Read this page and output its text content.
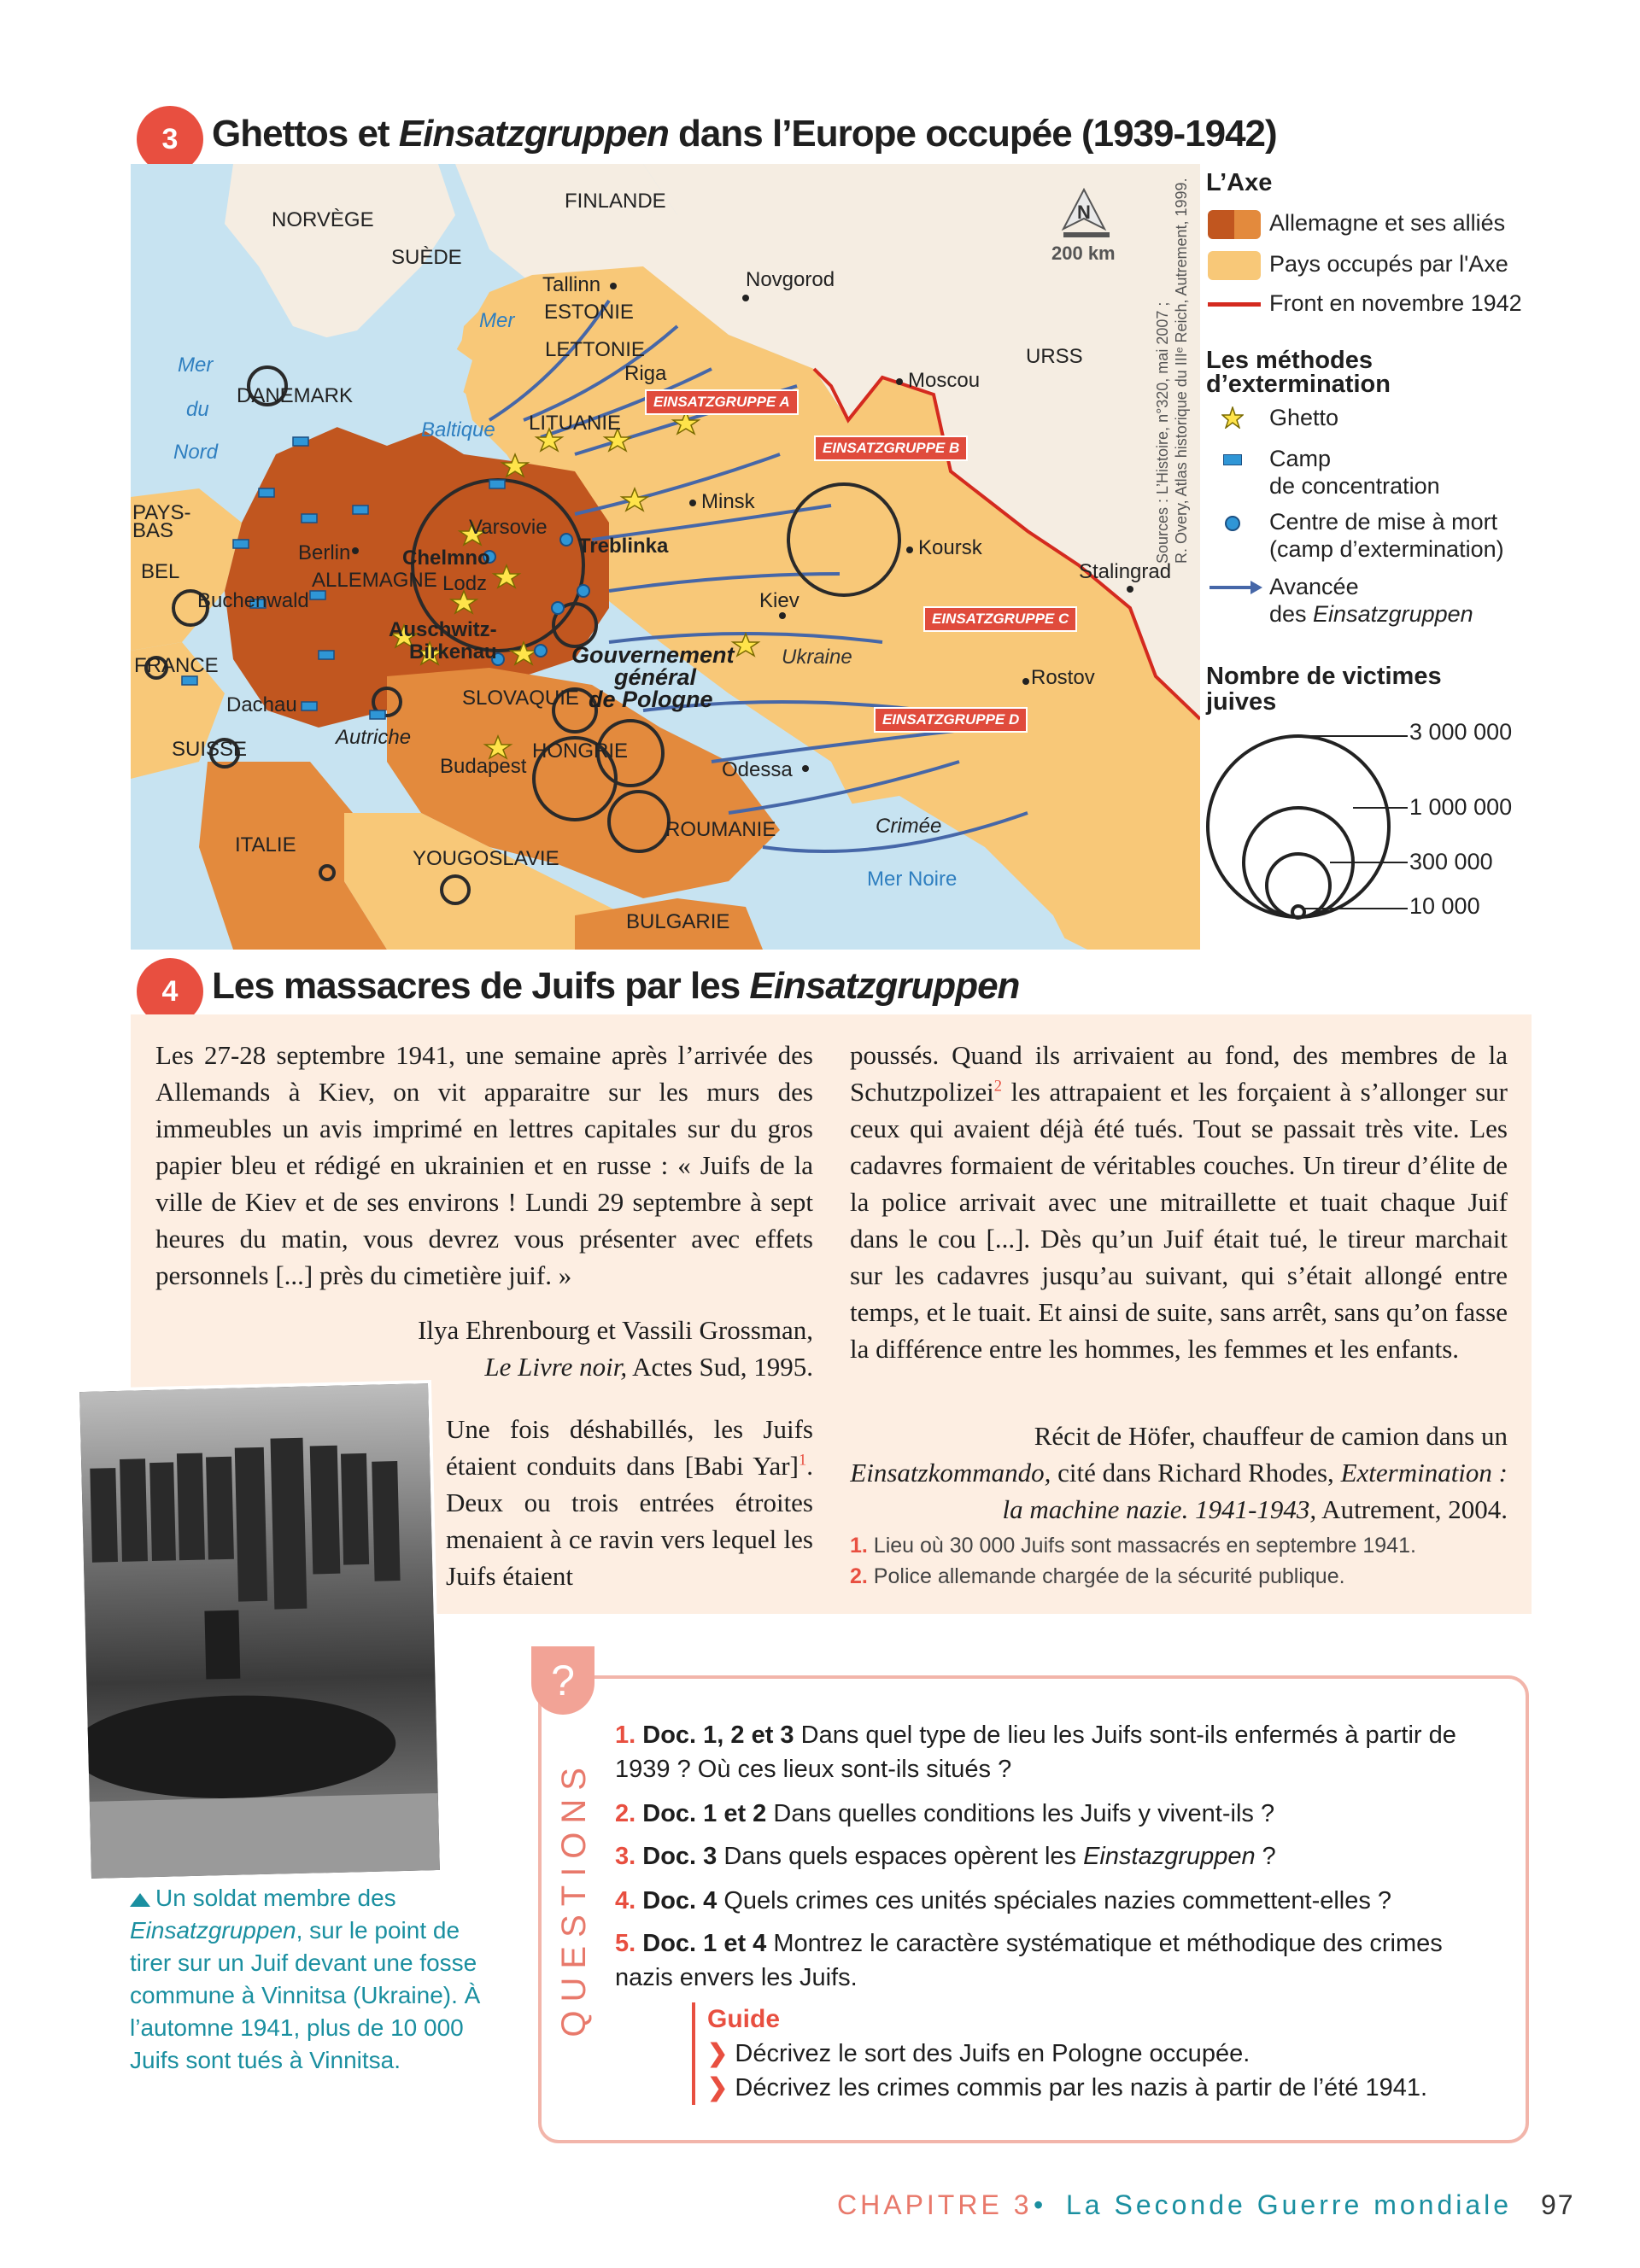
3 Ghettos et Einsatzgruppen dans l’Europe occupée (1939-1942)
FINLANDE
NORVÈGE
SUÈDE
Tallinn
ESTONIE
Novgorod
LETTONIE
Riga
URSS
Moscou
DANEMARK
LITUANIE
Mer
Baltique
Mer
du
Nord
PAYS-
BAS
Minsk
Varsovie
Treblinka
Chelmno
Berlin
ALLEMAGNE Lodz
BEL
Buchenwald
Koursk
Stalingrad
Kiev
Auschwitz-
Birkenau	Gouvernement
général
de Pologne
Ukraine
FRANCE
SLOVAQUIE
Rostov
Dachau
SUISSE
Autriche
HONGRIE
Budapest	Odessa
ITALIE
ROUMANIE	Crimée
YOUGOSLAVIE
Mer Noire
BULGARIE
EINSATZGRUPPE A
EINSATZGRUPPE B
EINSATZGRUPPE C
EINSATZGRUPPE D
N
200 km
Sources : L’Histoire, n°320, mai 2007 ; R. Overy, Atlas historique du IIIᵉ Reich, Autrement, 1999. L’Axe
Allemagne et ses alliés
Pays occupés par l'Axe
Front en novembre 1942
Les méthodes
d’extermination
Ghetto
Camp
de concentration
Centre de mise à mort
(camp d’extermination)
Avancée
des Einsatzgruppen
Nombre de victimes
juives
3 000 000
1 000 000
300 000
10 000
4 Les massacres de Juifs par les Einsatzgruppen
Les 27-28 septembre 1941, une semaine après l’arrivée des Allemands à Kiev, on vit apparaitre sur les murs des immeubles un avis imprimé en lettres capitales sur du gros papier bleu et rédigé en ukrainien et en russe : « Juifs de la ville de Kiev et de ses environs ! Lundi 29 septembre à sept heures du matin, vous devrez vous présenter avec effets personnels [...] près du cimetière juif. »
Ilya Ehrenbourg et Vassili Grossman,
Le Livre noir, Actes Sud, 1995.
Une fois déshabillés, les Juifs étaient conduits dans [Babi Yar]$^1$. Deux ou trois entrées étroites menaient à ce ravin vers lequel les Juifs étaient
poussés. Quand ils arrivaient au fond, des membres de la Schutzpolizei$^2$ les attrapaient et les forçaient à s’allonger sur ceux qui avaient déjà été tués. Tout se passait très vite. Les cadavres formaient de véritables couches. Un tireur d’élite de la police arrivait avec une mitraillette et tuait chaque Juif dans le cou [...]. Dès qu’un Juif était tué, le tireur marchait sur les cadavres jusqu’au suivant, qui s’était allongé entre temps, et le tuait. Et ainsi de suite, sans arrêt, sans qu’on fasse la différence entre les hommes, les femmes et les enfants.
Récit de Höfer, chauffeur de camion dans un
Einsatzkommando, cité dans Richard Rhodes, Extermination : la machine nazie. 1941-1943, Autrement, 2004.
1. Lieu où 30 000 Juifs sont massacrés en septembre 1941.
2. Police allemande chargée de la sécurité publique.
Un soldat membre des Einsatzgruppen, sur le point de tirer sur un Juif devant une fosse commune à Vinnitsa (Ukraine). À l’automne 1941, plus de 10 000 Juifs sont tués à Vinnitsa.
?
QUESTIONS
1. Doc. 1, 2 et 3 Dans quel type de lieu les Juifs sont-ils enfermés à partir de 1939 ? Où ces lieux sont-ils situés ?
2. Doc. 1 et 2 Dans quelles conditions les Juifs y vivent-ils ?
3. Doc. 3 Dans quels espaces opèrent les Einstazgruppen ?
4. Doc. 4 Quels crimes ces unités spéciales nazies commettent-elles ?
5. Doc. 1 et 4 Montrez le caractère systématique et méthodique des crimes nazis envers les Juifs.
Guide
❯ Décrivez le sort des Juifs en Pologne occupée.
❯ Décrivez les crimes commis par les nazis à partir de l’été 1941.
CHAPITRE 3 • La Seconde Guerre mondiale 97
